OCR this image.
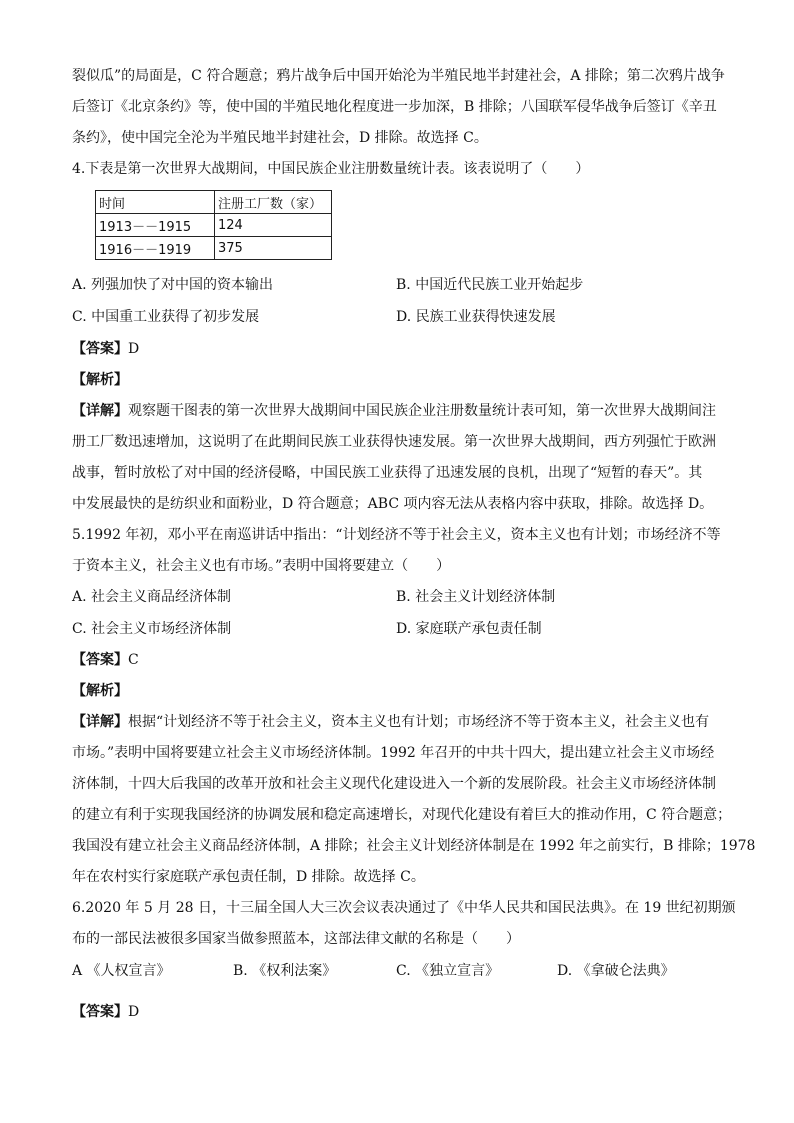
裂似瓜”的局面是，C 符合题意；鸦片战争后中国开始沦为半殖民地半封建社会，A 排除；第二次鸦片战争
后签订《北京条约》等，使中国的半殖民地化程度进一步加深，B 排除；八国联军侵华战争后签订《辛丑
条约》，使中国完全沦为半殖民地半封建社会，D 排除。故选择 C。
4.下表是第一次世界大战期间，中国民族企业注册数量统计表。该表说明了（　　）
时间	注册工厂数（家）
1913－－1915	124
1916－－1919	375
A. 列强加快了对中国的资本输出	B. 中国近代民族工业开始起步
C. 中国重工业获得了初步发展	D. 民族工业获得快速发展
【答案】D
【解析】
【详解】观察题干图表的第一次世界大战期间中国民族企业注册数量统计表可知，第一次世界大战期间注
册工厂数迅速增加，这说明了在此期间民族工业获得快速发展。第一次世界大战期间，西方列强忙于欧洲
战事，暂时放松了对中国的经济侵略，中国民族工业获得了迅速发展的良机，出现了“短暂的春天”。其
中发展最快的是纺织业和面粉业，D 符合题意；ABC 项内容无法从表格内容中获取，排除。故选择 D。
5.1992 年初，邓小平在南巡讲话中指出：“计划经济不等于社会主义，资本主义也有计划；市场经济不等
于资本主义，社会主义也有市场。”表明中国将要建立（　　）
A. 社会主义商品经济体制	B. 社会主义计划经济体制
C. 社会主义市场经济体制	D. 家庭联产承包责任制
【答案】C
【解析】
【详解】根据“计划经济不等于社会主义，资本主义也有计划；市场经济不等于资本主义，社会主义也有
市场。”表明中国将要建立社会主义市场经济体制。1992 年召开的中共十四大，提出建立社会主义市场经
济体制，十四大后我国的改革开放和社会主义现代化建设进入一个新的发展阶段。社会主义市场经济体制
的建立有利于实现我国经济的协调发展和稳定高速增长，对现代化建设有着巨大的推动作用，C 符合题意；
我国没有建立社会主义商品经济体制，A 排除；社会主义计划经济体制是在 1992 年之前实行，B 排除；1978
年在农村实行家庭联产承包责任制，D 排除。故选择 C。
6.2020 年 5 月 28 日，十三届全国人大三次会议表决通过了《中华人民共和国民法典》。在 19 世纪初期颁
布的一部民法被很多国家当做参照蓝本，这部法律文献的名称是（　　）
A 《人权宣言》	B. 《权利法案》	C. 《独立宣言》	D. 《拿破仑法典》
【答案】D
